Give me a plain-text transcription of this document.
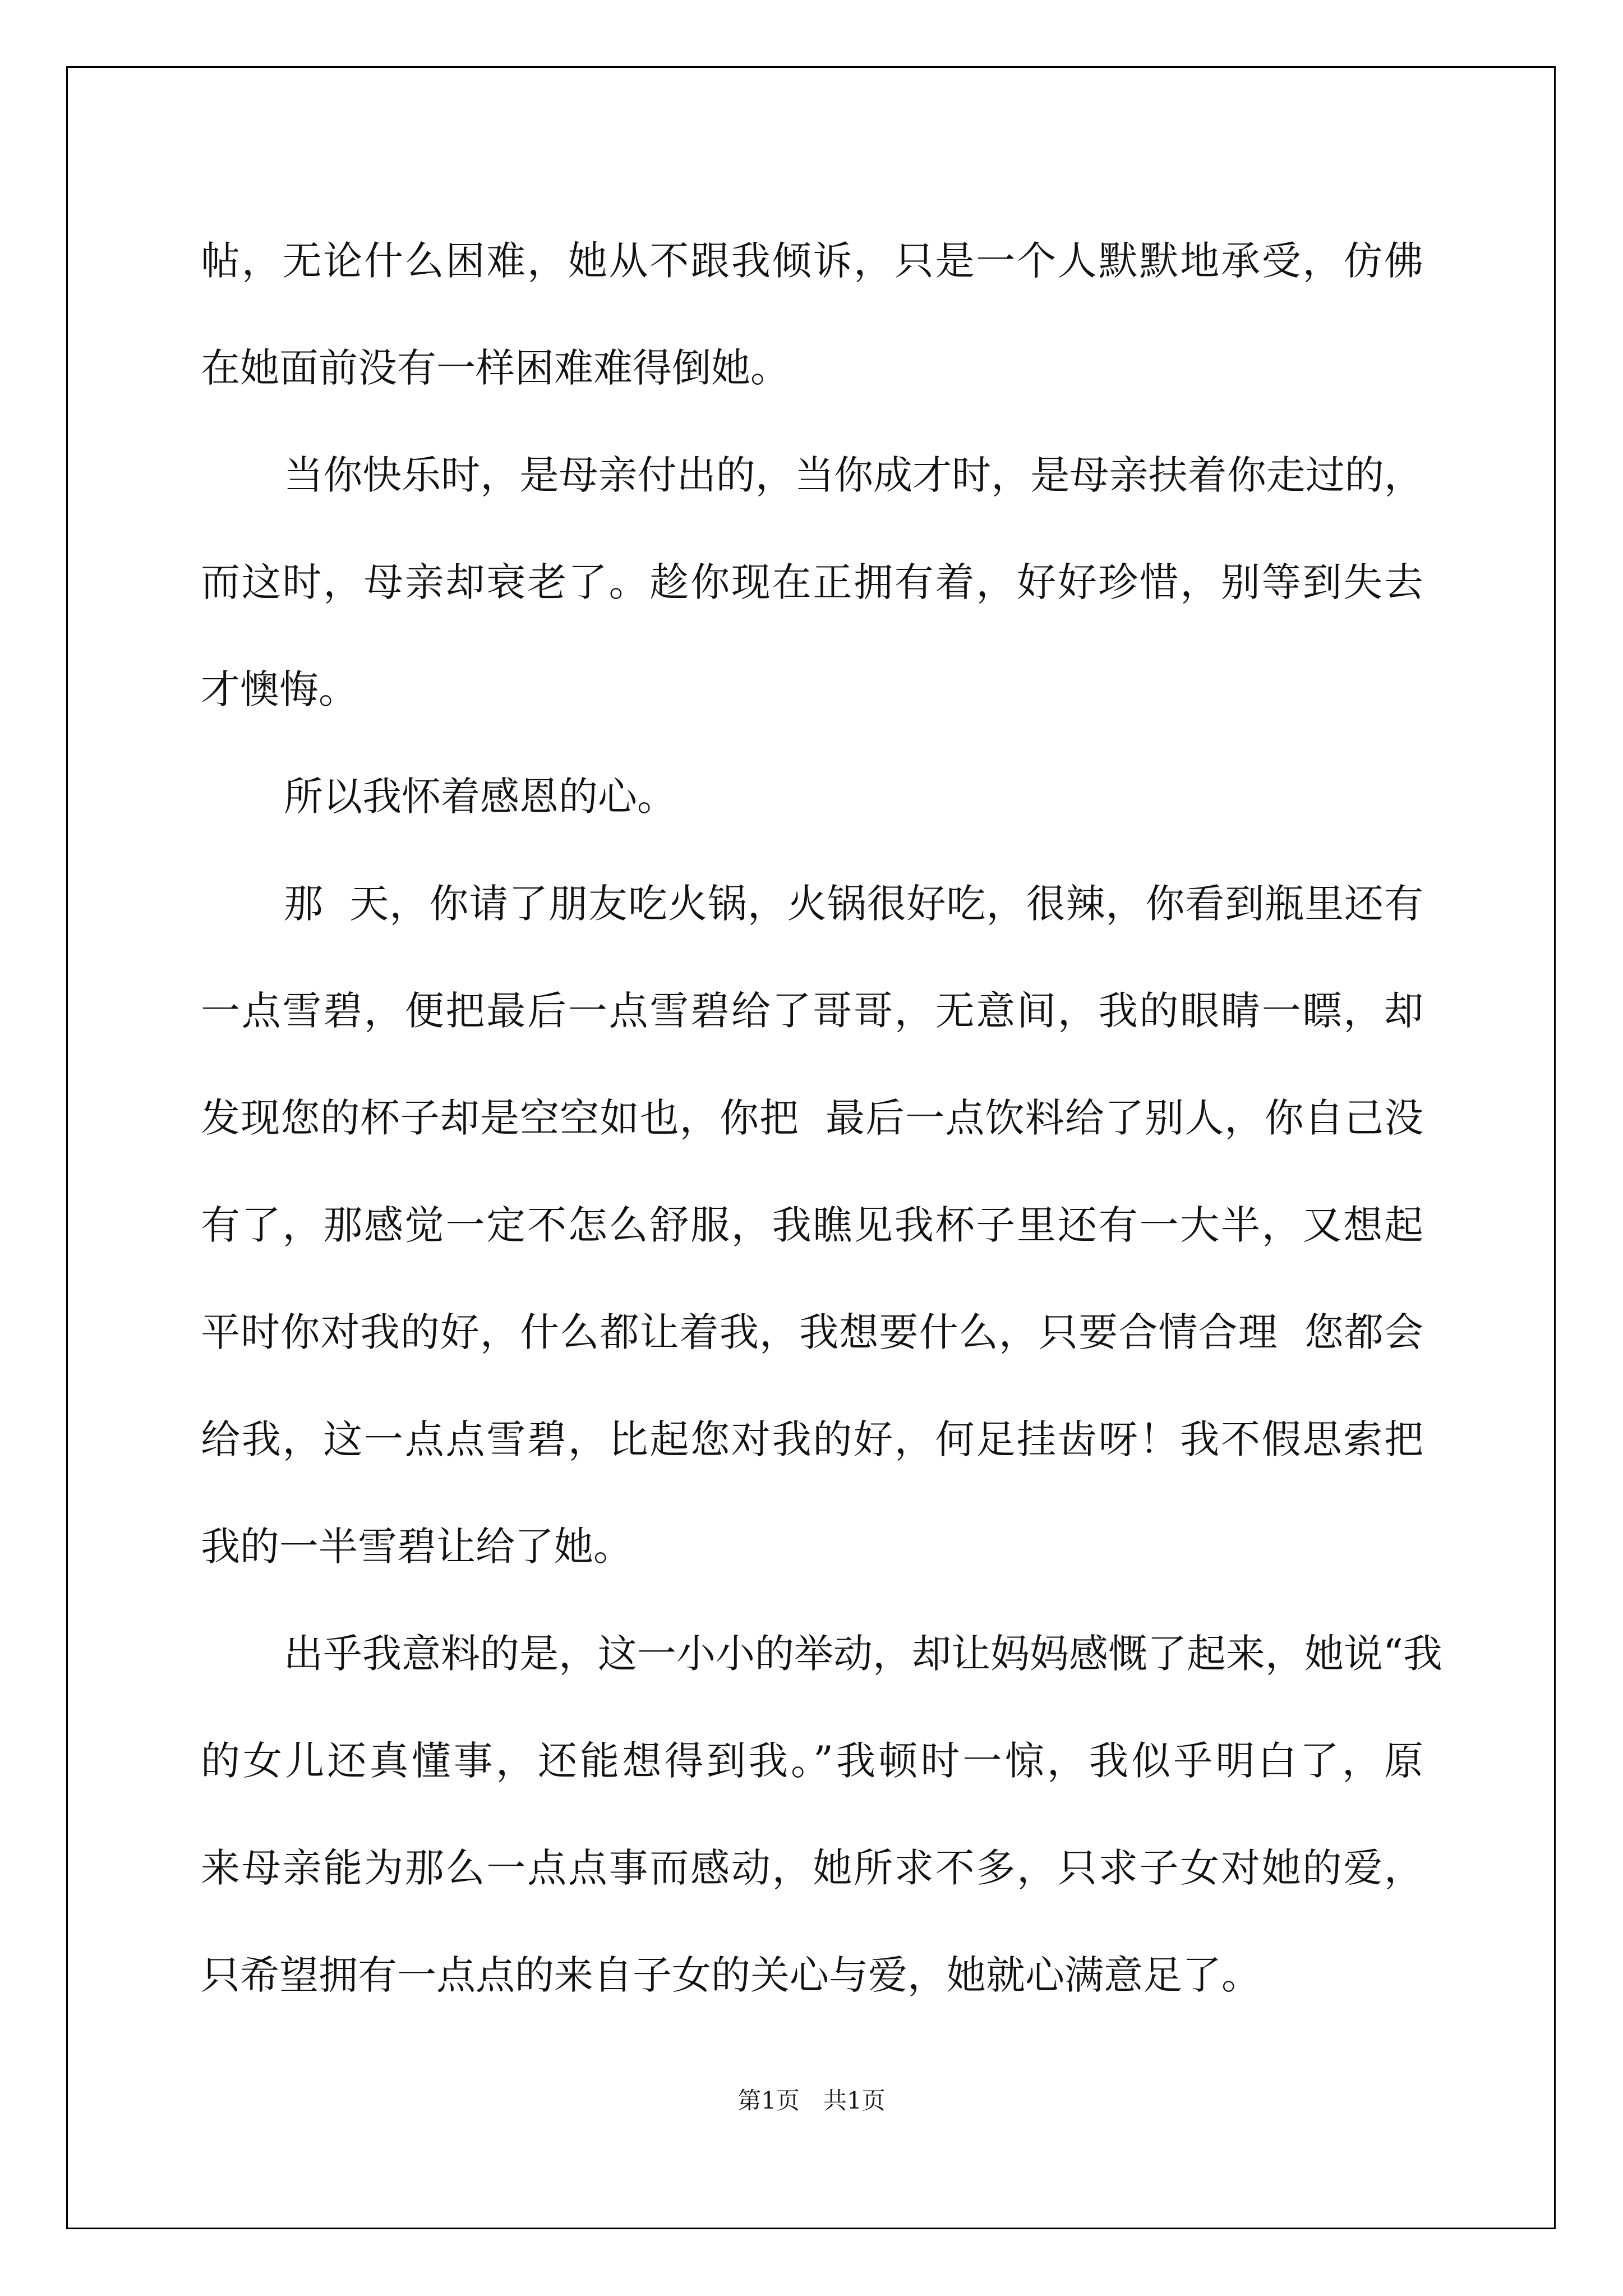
帖，无论什么困难，她从不跟我倾诉，只是一个人默默地承受，仿佛
在她面前没有一样困难难得倒她。
当你快乐时，是母亲付出的，当你成才时，是母亲扶着你走过的，
而这时，母亲却衰老了。趁你现在正拥有着，好好珍惜，别等到失去
才懊悔。
所以我怀着感恩的心。
那  天，你请了朋友吃火锅，火锅很好吃，很辣，你看到瓶里还有
一点雪碧，便把最后一点雪碧给了哥哥，无意间，我的眼睛一瞟，却
发现您的杯子却是空空如也，你把  最后一点饮料给了别人，你自己没
有了，那感觉一定不怎么舒服，我瞧见我杯子里还有一大半，又想起
平时你对我的好，什么都让着我，我想要什么，只要合情合理  您都会
给我，这一点点雪碧，比起您对我的好，何足挂齿呀！我不假思索把
我的一半雪碧让给了她。
出乎我意料的是，这一小小的举动，却让妈妈感慨了起来，她说“我
的女儿还真懂事，还能想得到我。”我顿时一惊，我似乎明白了，原
来母亲能为那么一点点事而感动，她所求不多，只求子女对她的爱，
只希望拥有一点点的来自子女的关心与爱，她就心满意足了。
第1页　共1页
